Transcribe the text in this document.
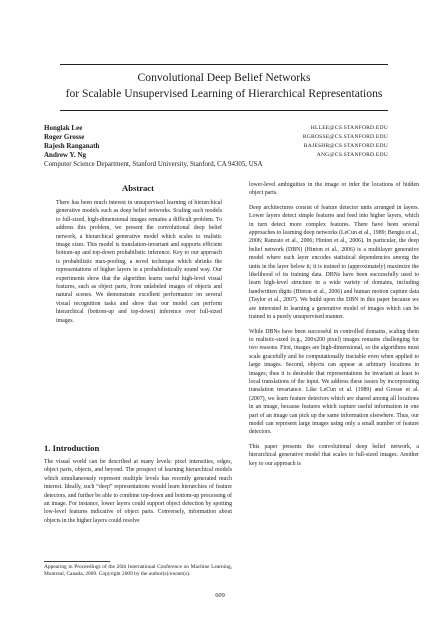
Convolutional Deep Belief Networks
for Scalable Unsupervised Learning of Hierarchical Representations
Honglak Lee	HLLEE@CS.STANFORD.EDU
Roger Grosse	RGROSSE@CS.STANFORD.EDU
Rajesh Ranganath	RAJESHR@CS.STANFORD.EDU
Andrew Y. Ng	ANG@CS.STANFORD.EDU
Computer Science Department, Stanford University, Stanford, CA 94305, USA
Abstract
There has been much interest in unsupervised learning of hierarchical generative models such as deep belief networks. Scaling such models to full-sized, high-dimensional images remains a difficult problem. To address this problem, we present the convolutional deep belief network, a hierarchical generative model which scales to realistic image sizes. This model is translation-invariant and supports efficient bottom-up and top-down probabilistic inference. Key to our approach is probabilistic max-pooling, a novel technique which shrinks the representations of higher layers in a probabilistically sound way. Our experiments show that the algorithm learns useful high-level visual features, such as object parts, from unlabeled images of objects and natural scenes. We demonstrate excellent performance on several visual recognition tasks and show that our model can perform hierarchical (bottom-up and top-down) inference over full-sized images.
1. Introduction
The visual world can be described at many levels: pixel intensities, edges, object parts, objects, and beyond. The prospect of learning hierarchical models which simultaneously represent multiple levels has recently generated much interest. Ideally, such “deep” representations would learn hierarchies of feature detectors, and further be able to combine top-down and bottom-up processing of an image. For instance, lower layers could support object detection by spotting low-level features indicative of object parts. Conversely, information about objects in the higher layers could resolve
Appearing in Proceedings of the 26th International Conference on Machine Learning, Montreal, Canada, 2009. Copyright 2009 by the author(s)/owner(s).

lower-level ambiguities in the image or infer the locations of hidden object parts.

Deep architectures consist of feature detector units arranged in layers. Lower layers detect simple features and feed into higher layers, which in turn detect more complex features. There have been several approaches to learning deep networks (LeCun et al., 1989; Bengio et al., 2006; Ranzato et al., 2006; Hinton et al., 2006). In particular, the deep belief network (DBN) (Hinton et al., 2006) is a multilayer generative model where each layer encodes statistical dependencies among the units in the layer below it; it is trained to (approximately) maximize the likelihood of its training data. DBNs have been successfully used to learn high-level structure in a wide variety of domains, including handwritten digits (Hinton et al., 2006) and human motion capture data (Taylor et al., 2007). We build upon the DBN in this paper because we are interested in learning a generative model of images which can be trained in a purely unsupervised manner.

While DBNs have been successful in controlled domains, scaling them to realistic-sized (e.g., 200x200 pixel) images remains challenging for two reasons. First, images are high-dimensional, so the algorithms must scale gracefully and be computationally tractable even when applied to large images. Second, objects can appear at arbitrary locations in images; thus it is desirable that representations be invariant at least to local translations of the input. We address these issues by incorporating translation invariance. Like LeCun et al. (1989) and Grosse et al. (2007), we learn feature detectors which are shared among all locations in an image, because features which capture useful information in one part of an image can pick up the same information elsewhere. Thus, our model can represent large images using only a small number of feature detectors.

This paper presents the convolutional deep belief network, a hierarchical generative model that scales to full-sized images. Another key to our approach is

609
